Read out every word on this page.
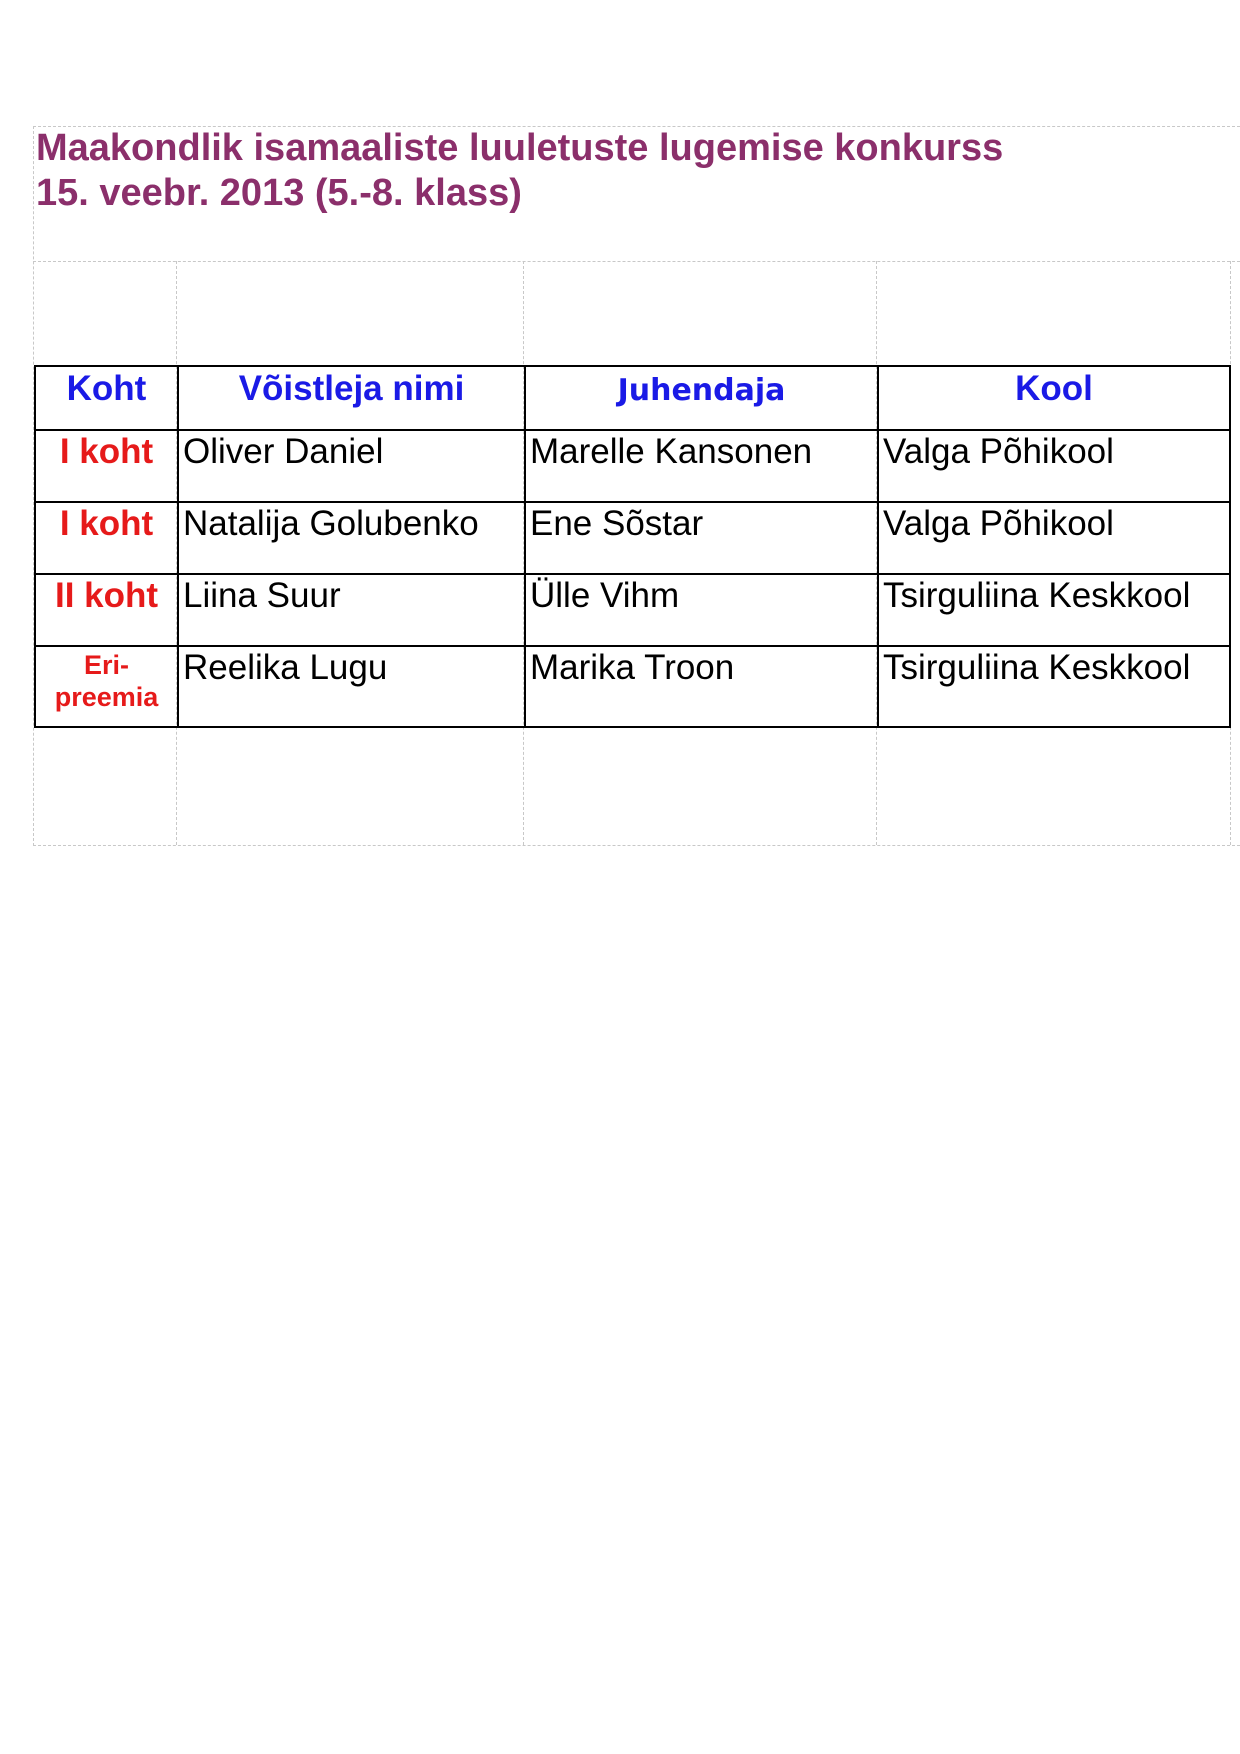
Maakondlik isamaaliste luuletuste lugemise konkurss
15. veebr. 2013 (5.-8. klass)
Koht	Võistleja nimi	Juhendaja	Kool
I koht	Oliver Daniel	Marelle Kansonen	Valga Põhikool
I koht	Natalija Golubenko	Ene Sõstar	Valga Põhikool
II koht	Liina Suur	Ülle Vihm	Tsirguliina Keskkool
Eri-preemia	Reelika Lugu	Marika Troon	Tsirguliina Keskkool
